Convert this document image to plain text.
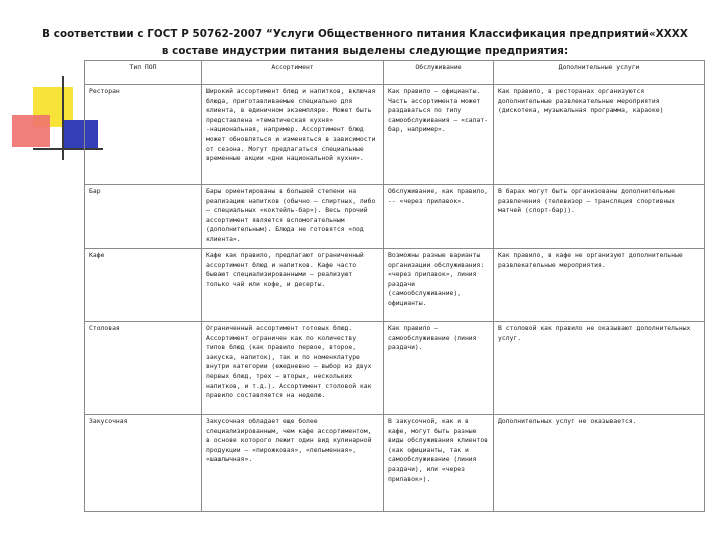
В соответствии с ГОСТ Р 50762-2007 “Услуги Общественного питания Классификация предприятий«ХХХХ
в составе индустрии питания выделены следующие предприятия:
Тип ПОП	Ассортимент	Обслуживание	Дополнительные услуги
Ресторан	Широкий ассортимент блюд и напитков, включая блюда, приготавливаемые специально для клиента, в единичном экземпляре. Может быть представлена «тематическая кухня» -национальная, например. Ассортимент блюд может обновляться и изменяться в зависимости от сезона. Могут предлагаться специальные временные акции «дни национальной кухни».	Как правило – официанты. Часть ассортимента может раздаваться по типу самообслуживания – «салат-бар, например».	Как правило, в ресторанах организуются дополнительные развлекательные мероприятия (дискотека, музыкальная программа, караоке)
Бар	Бары ориентированы в большей степени на реализацию напитков (обычно – спиртных, либо – специальных «коктейль-бар»). Весь прочий ассортимент является вспомогательным (дополнительным). Блюда не готовятся «под клиента».	Обслуживание, как правило, -- «через прилавок».	В барах могут быть организованы дополнительные развлечения (телевизор – трансляция спортивных матчей (спорт-бар)).
Кафе	Кафе как правило, предлагают ограниченный ассортимент блюд и напитков. Кафе часто бывают специализированными – реализуют только чай или кофе, и десерты.	Возможны разные варианты организации обслуживания: «через прилавок», линия раздачи (самообслуживание), официанты.	Как правило, в кафе не организуют дополнительные развлекательные мероприятия.
Столовая	Ограниченный ассортимент готовых блюд. Ассортимент ограничен как по количеству типов блюд (как правило первое, второе, закуска, напиток), так и по номенклатуре внутри категории (ежедневно – выбор из двух первых блюд, трех – вторых, нескольких напитков, и т.д.). Ассортимент столовой как правило составляется на неделю.	Как правило – самообслуживание (линия раздачи).	В столовой как правило не оказывают дополнительных услуг.
Закусочная	Закусочная обладает еще более специализированным, чем кафе ассортиментом, в основе которого лежит один вид кулинарной продукции – «пирожковая», «пельменная», «шашлычная».	В закусочной, как и в кафе, могут быть разные виды обслуживания клиентов (как официанты, так и самообслуживание (линия раздачи), или «через прилавок»).	Дополнительных услуг не оказывается.
